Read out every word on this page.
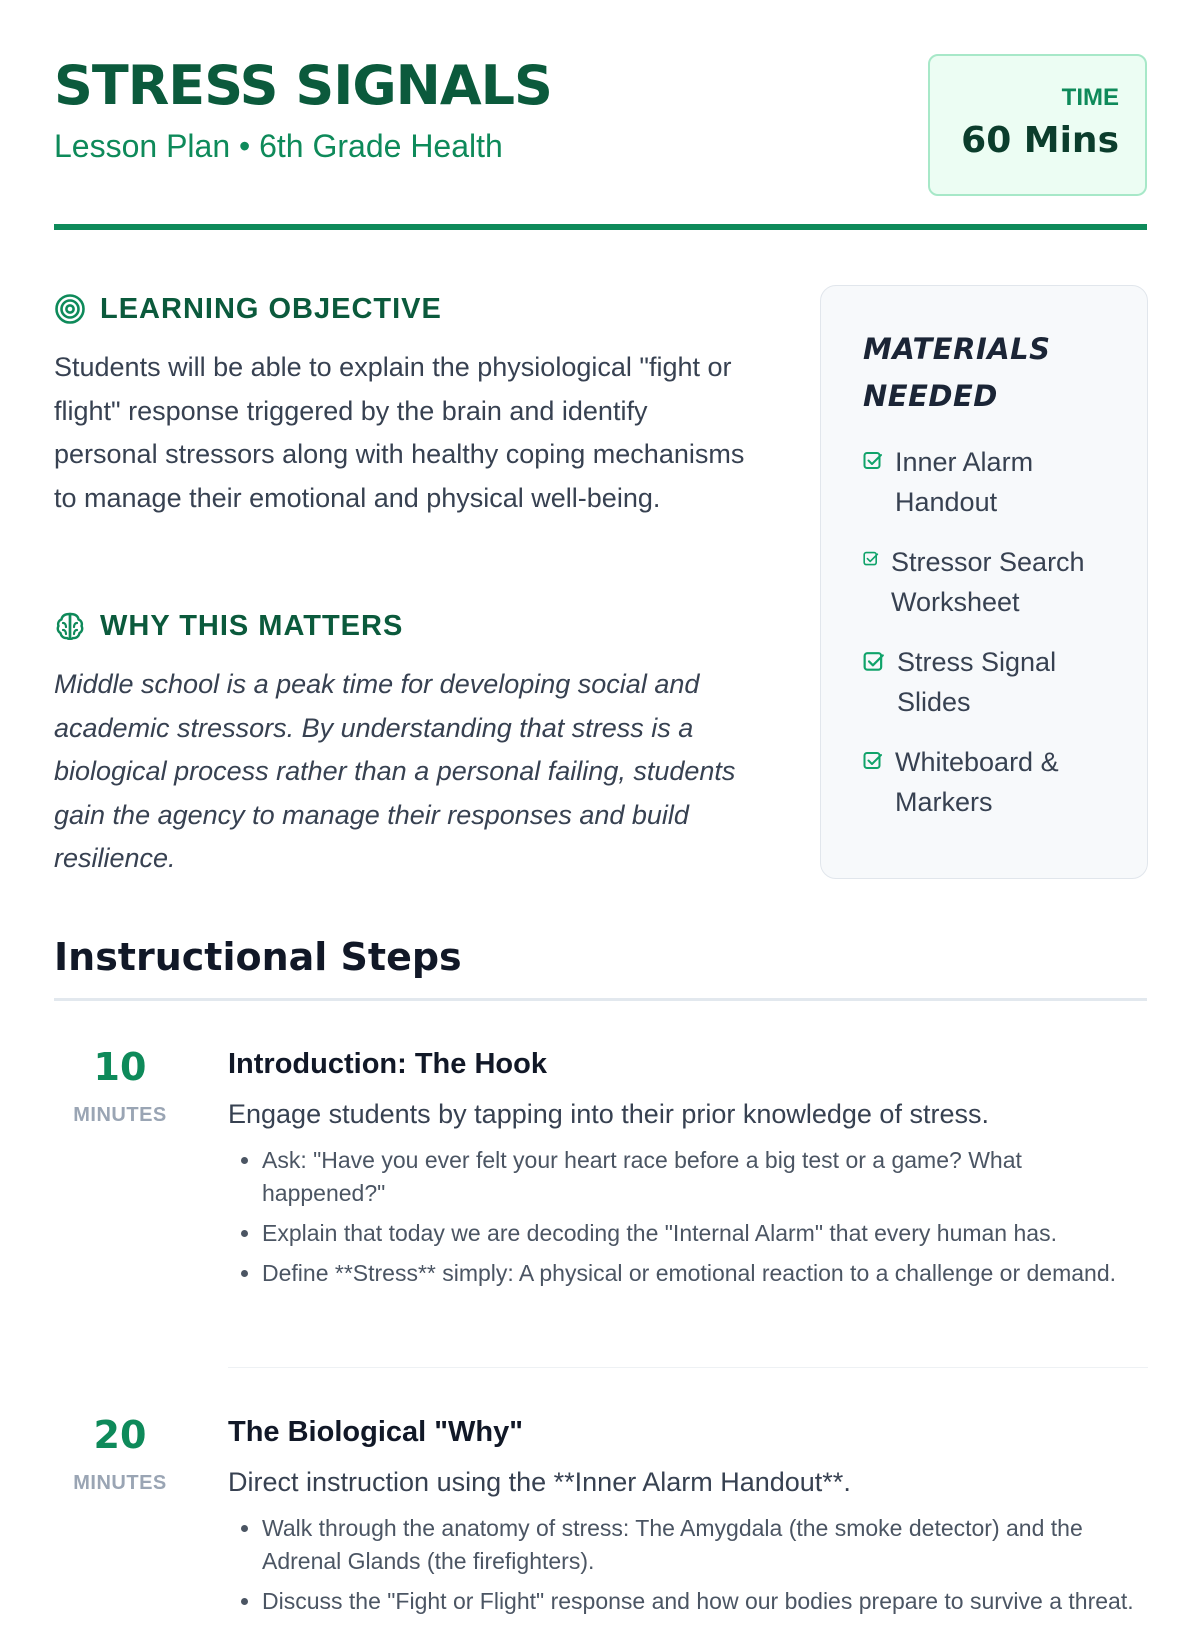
STRESS SIGNALS
Lesson Plan • 6th Grade Health
TIME
60 Mins
LEARNING OBJECTIVE

Students will be able to explain the physiological "fight or flight" response triggered by the brain and identify personal stressors along with healthy coping mechanisms to manage their emotional and physical well-being.

WHY THIS MATTERS

Middle school is a peak time for developing social and academic stressors. By understanding that stress is a biological process rather than a personal failing, students gain the agency to manage their responses and build resilience.

MATERIALS NEEDED
Inner Alarm Handout
Stressor Search Worksheet
Stress Signal Slides
Whiteboard & Markers
Instructional Steps
10
MINUTES
Introduction: The Hook

Engage students by tapping into their prior knowledge of stress.

• Ask: "Have you ever felt your heart race before a big test or a game? What happened?"
• Explain that today we are decoding the "Internal Alarm" that every human has.
• Define **Stress** simply: A physical or emotional reaction to a challenge or demand.
20
MINUTES
The Biological "Why"

Direct instruction using the **Inner Alarm Handout**.

• Walk through the anatomy of stress: The Amygdala (the smoke detector) and the Adrenal Glands (the firefighters).
• Discuss the "Fight or Flight" response and how our bodies prepare to survive a threat.
